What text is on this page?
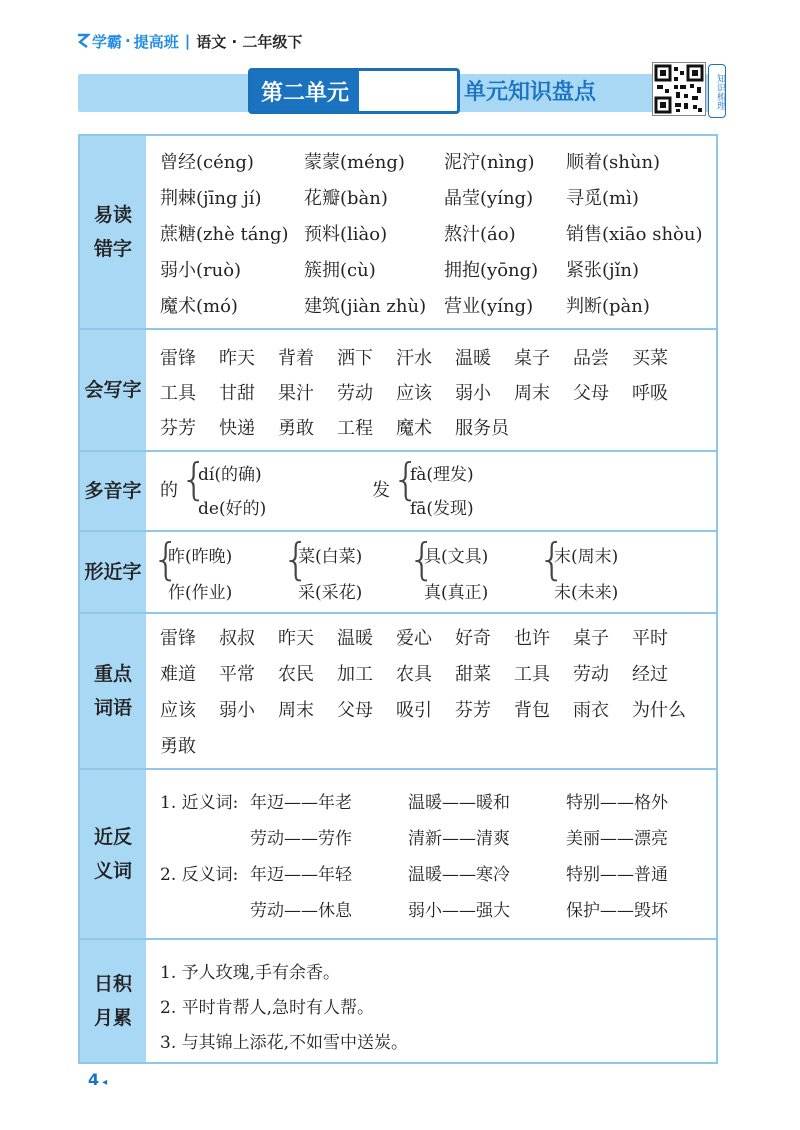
学霸 · 提高班 | 语文 · 二年级下
第二单元	单元知识盘点	知识梳理
易读
错字
曾经(céng)	蒙蒙(méng) 泥泞(nìng) 顺着(shùn)
荆棘(jīng jí) 花瓣(bàn)	晶莹(yíng) 寻觅(mì)
蔗糖(zhè táng) 预料(liào)	熬汁(áo)	销售(xiāo shòu)
弱小(ruò)	簇拥(cù)	拥抱(yōng) 紧张(jǐn)
魔术(mó)	建筑(jiàn zhù) 营业(yíng) 判断(pàn)
会写字
雷锋 昨天 背着 洒下 汗水 温暖 桌子 品尝 买菜
工具 甘甜 果汁 劳动 应该 弱小 周末 父母 呼吸
芬芳 快递 勇敢 工程 魔术 服务员
多音字 的 {
dí(的确)
de(好的)
发 {
fà(理发)
fā(发现)
形近字 {
昨(昨晚)
作(作业)
{
菜(白菜)
采(采花)
{
具(文具)
真(真正)
{
末(周末)
未(未来)
重点
词语
雷锋 叔叔 昨天 温暖 爱心 好奇 也许 桌子 平时
难道 平常 农民 加工 农具 甜菜 工具 劳动 经过
应该 弱小 周末 父母 吸引 芬芳 背包 雨衣 为什么
勇敢
近反
义词
1. 近义词: 年迈——年老	温暖——暖和	特别——格外
劳动——劳作	清新——清爽	美丽——漂亮
2. 反义词: 年迈——年轻	温暖——寒冷	特别——普通
劳动——休息	弱小——强大	保护——毁坏
日积
月累
1. 予人玫瑰,手有余香。
2. 平时肯帮人,急时有人帮。
3. 与其锦上添花,不如雪中送炭。
4 ◂
